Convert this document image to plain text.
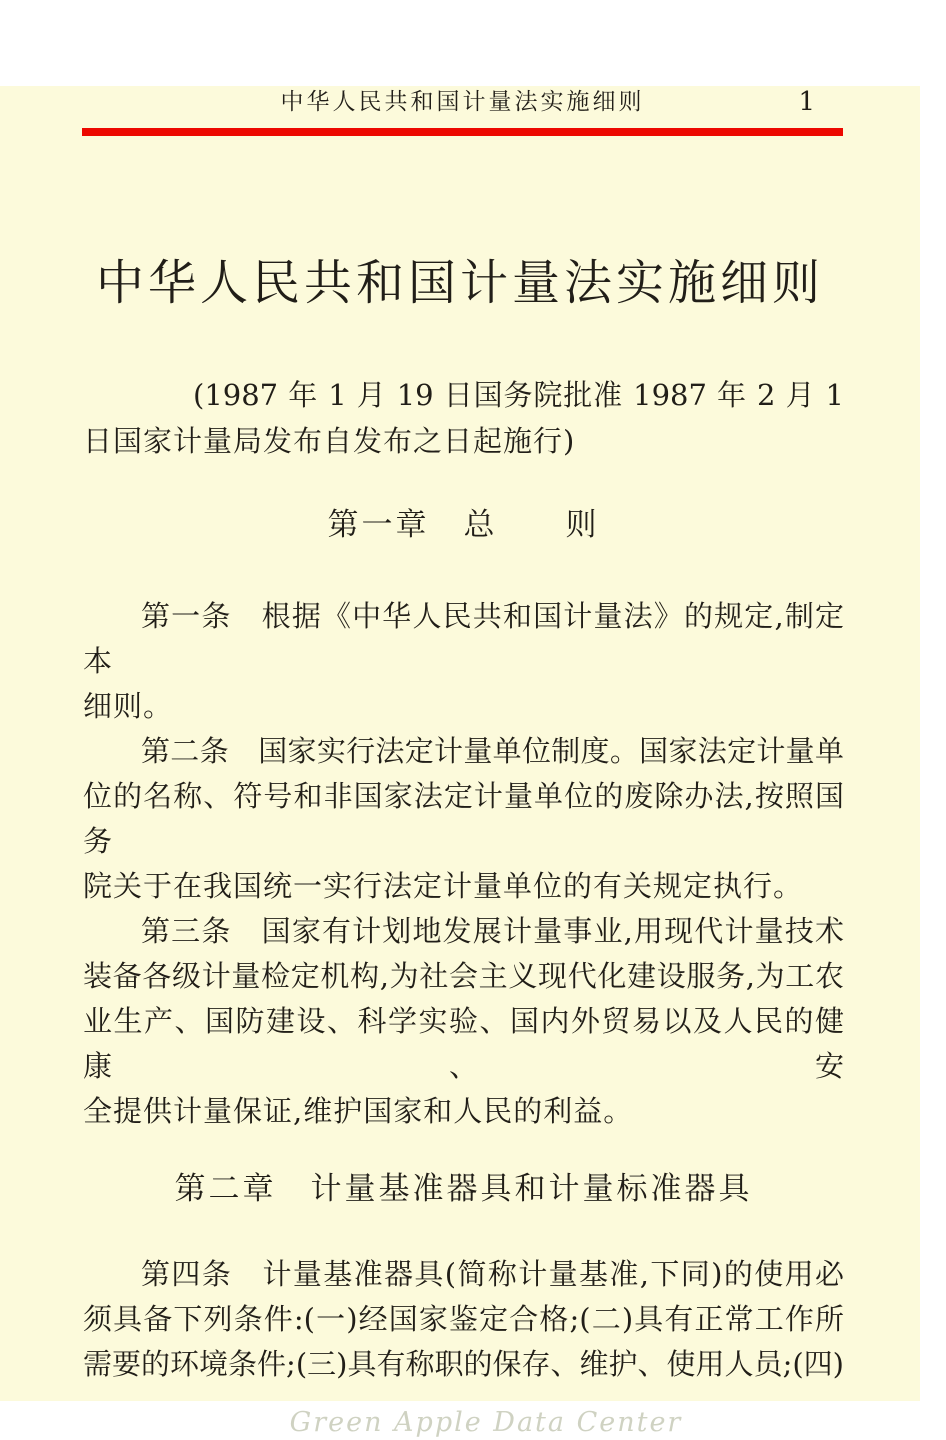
中华人民共和国计量法实施细则	1
中华人民共和国计量法实施细则
(1987 年 1 月 19 日国务院批准 1987 年 2 月 1
日国家计量局发布自发布之日起施行)
第一章　总　　则
第一条　根据《中华人民共和国计量法》的规定,制定本
细则。
第二条　国家实行法定计量单位制度。国家法定计量单
位的名称、符号和非国家法定计量单位的废除办法,按照国务
院关于在我国统一实行法定计量单位的有关规定执行。
第三条　国家有计划地发展计量事业,用现代计量技术
装备各级计量检定机构,为社会主义现代化建设服务,为工农
业生产、国防建设、科学实验、国内外贸易以及人民的健康、安
全提供计量保证,维护国家和人民的利益。
第二章　计量基准器具和计量标准器具
第四条　计量基准器具(简称计量基准,下同)的使用必
须具备下列条件:(一)经国家鉴定合格;(二)具有正常工作所
需要的环境条件;(三)具有称职的保存、维护、使用人员;(四)
Green Apple Data Center
